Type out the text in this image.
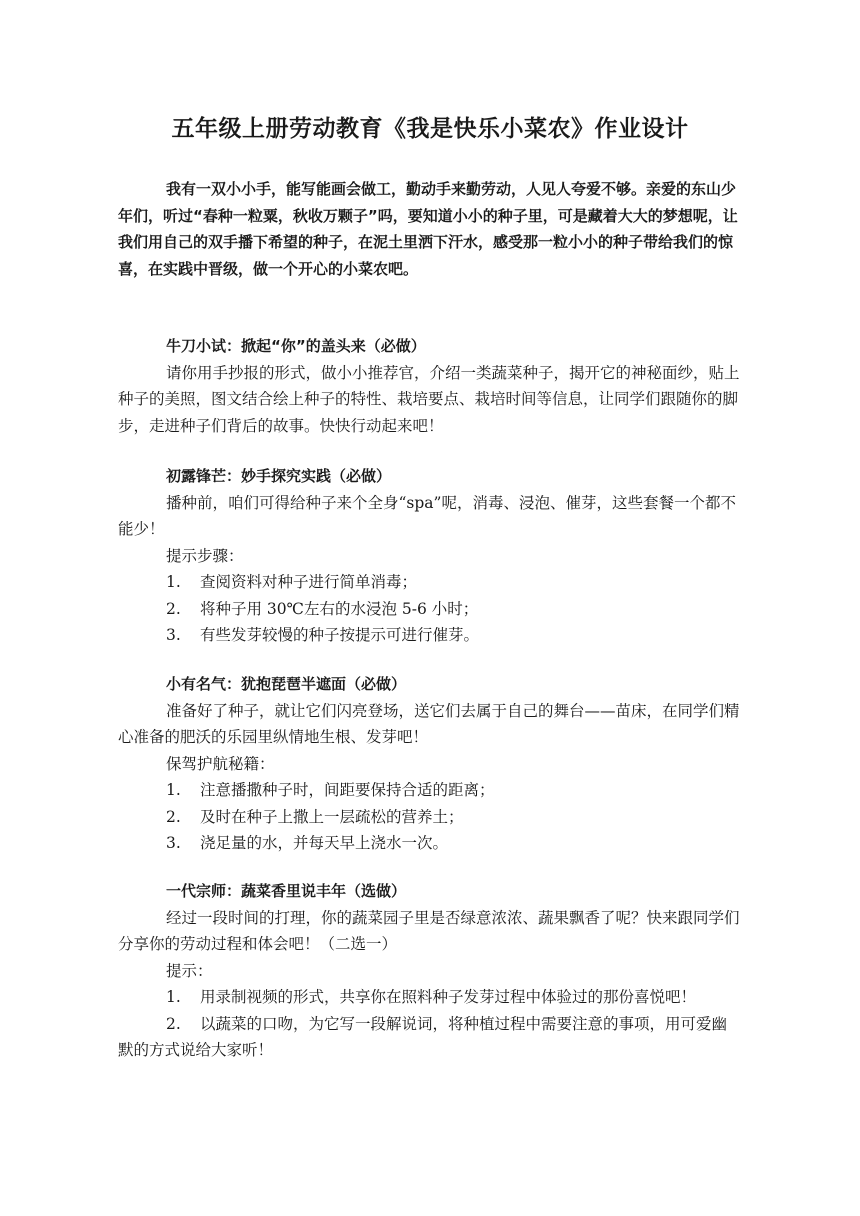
五年级上册劳动教育《我是快乐小菜农》作业设计

我有一双小小手，能写能画会做工，勤动手来勤劳动，人见人夸爱不够。亲爱的东山少年们，听过“春种一粒粟，秋收万颗子”吗，要知道小小的种子里，可是藏着大大的梦想呢，让我们用自己的双手播下希望的种子，在泥土里洒下汗水，感受那一粒小小的种子带给我们的惊喜，在实践中晋级，做一个开心的小菜农吧。

牛刀小试：掀起“你”的盖头来（必做）

请你用手抄报的形式，做小小推荐官，介绍一类蔬菜种子，揭开它的神秘面纱，贴上种子的美照，图文结合绘上种子的特性、栽培要点、栽培时间等信息，让同学们跟随你的脚步，走进种子们背后的故事。快快行动起来吧！

初露锋芒：妙手探究实践（必做）

播种前，咱们可得给种子来个全身“spa”呢，消毒、浸泡、催芽，这些套餐一个都不能少！

提示步骤：

1.	查阅资料对种子进行简单消毒；

2.	将种子用 30℃左右的水浸泡 5-6 小时；

3.	有些发芽较慢的种子按提示可进行催芽。

小有名气：犹抱琵琶半遮面（必做）

准备好了种子，就让它们闪亮登场，送它们去属于自己的舞台——苗床，在同学们精心准备的肥沃的乐园里纵情地生根、发芽吧！

保驾护航秘籍：

1.	注意播撒种子时，间距要保持合适的距离；

2.	及时在种子上撒上一层疏松的营养土；

3.	浇足量的水，并每天早上浇水一次。

一代宗师：蔬菜香里说丰年（选做）

经过一段时间的打理，你的蔬菜园子里是否绿意浓浓、蔬果飘香了呢？快来跟同学们分享你的劳动过程和体会吧！（二选一）

提示：

1. 用录制视频的形式，共享你在照料种子发芽过程中体验过的那份喜悦吧！

2. 以蔬菜的口吻，为它写一段解说词，将种植过程中需要注意的事项，用可爱幽默的方式说给大家听！
